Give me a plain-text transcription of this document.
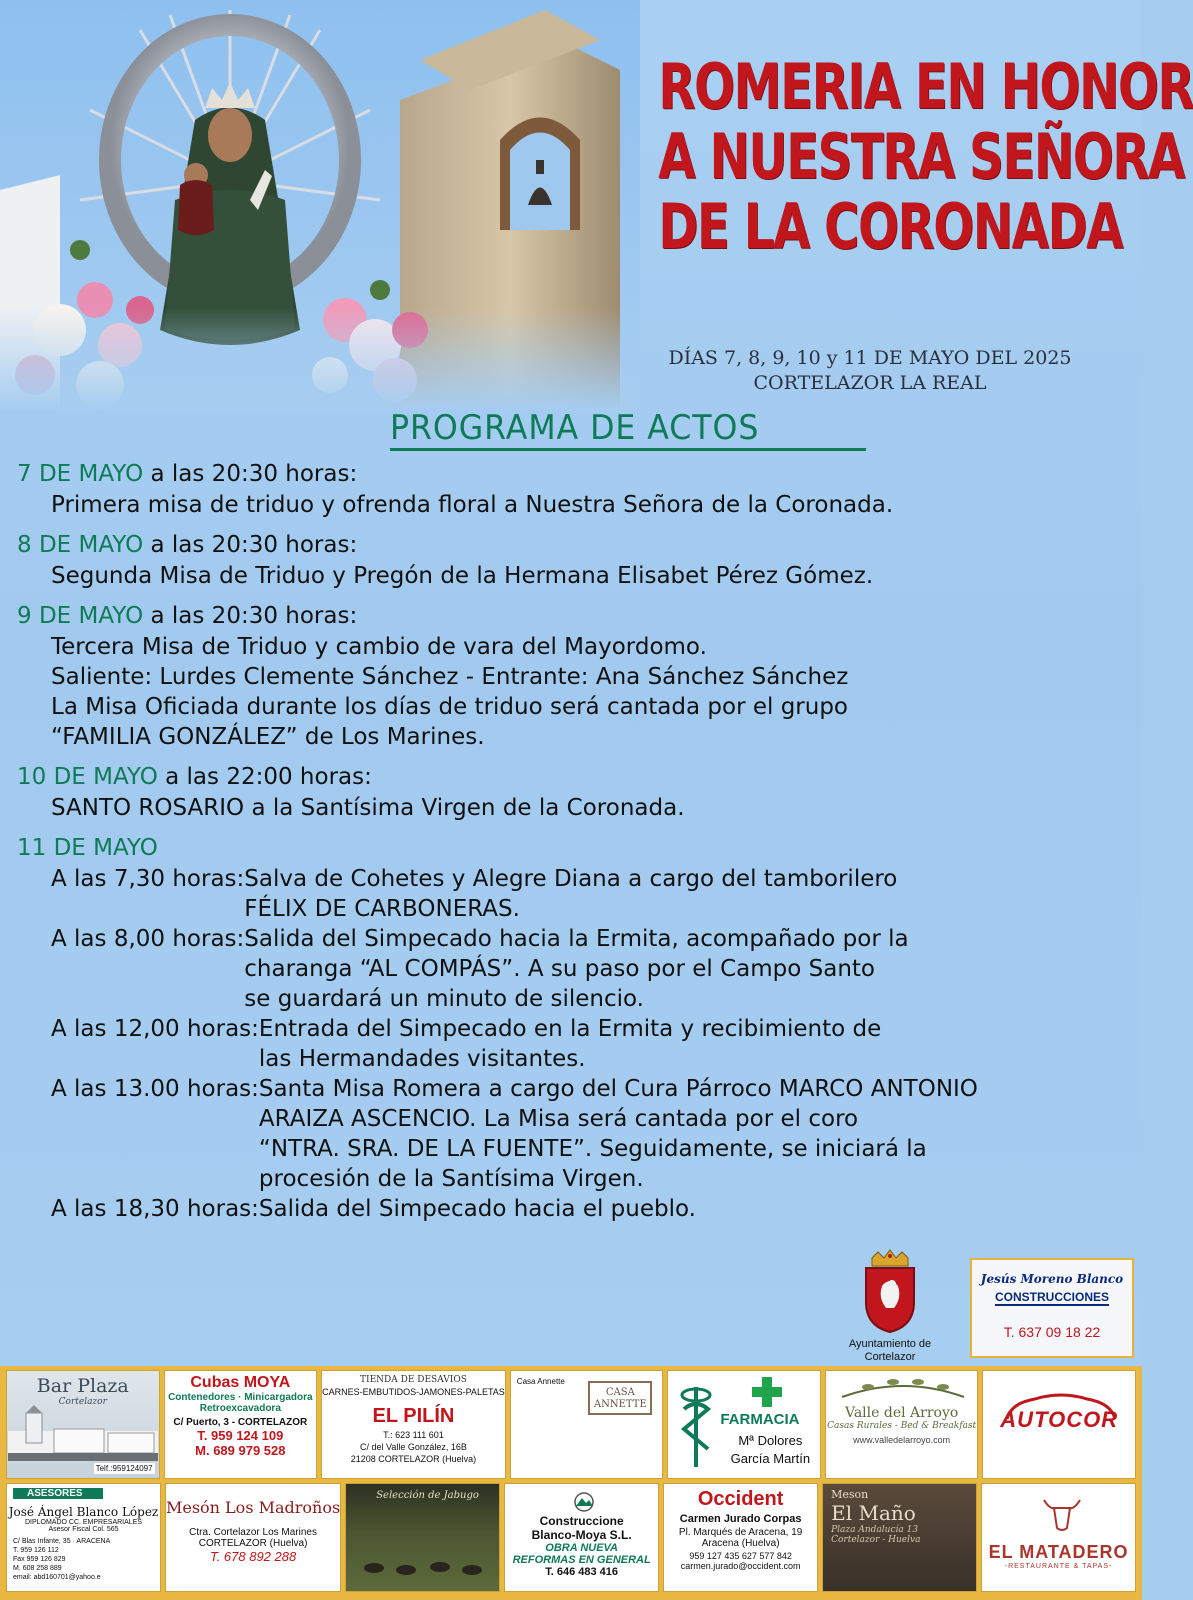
ROMERIA EN HONOR
A NUESTRA SEÑORA
DE LA CORONADA
DÍAS 7, 8, 9, 10 y 11 DE MAYO DEL 2025
CORTELAZOR LA REAL
PROGRAMA DE ACTOS
7 DE MAYO a las 20:30 horas:
Primera misa de triduo y ofrenda floral a Nuestra Señora de la Coronada.
8 DE MAYO a las 20:30 horas:
Segunda Misa de Triduo y Pregón de la Hermana Elisabet Pérez Gómez.
9 DE MAYO a las 20:30 horas:
Tercera Misa de Triduo y cambio de vara del Mayordomo.
Saliente: Lurdes Clemente Sánchez - Entrante: Ana Sánchez Sánchez
La Misa Oficiada durante los días de triduo será cantada por el grupo
“FAMILIA GONZÁLEZ” de Los Marines.
10 DE MAYO a las 22:00 horas:
SANTO ROSARIO a la Santísima Virgen de la Coronada.
11 DE MAYO
A las 7,30 horas: Salva de Cohetes y Alegre Diana a cargo del tamborilero
FÉLIX DE CARBONERAS.
A las 8,00 horas: Salida del Simpecado hacia la Ermita, acompañado por la
charanga “AL COMPÁS”. A su paso por el Campo Santo
se guardará un minuto de silencio.
A las 12,00 horas: Entrada del Simpecado en la Ermita y recibimiento de
las Hermandades visitantes.
A las 13.00 horas: Santa Misa Romera a cargo del Cura Párroco MARCO ANTONIO
ARAIZA ASCENCIO. La Misa será cantada por el coro
“NTRA. SRA. DE LA FUENTE”. Seguidamente, se iniciará la
procesión de la Santísima Virgen.
A las 18,30 horas: Salida del Simpecado hacia el pueblo.
Ayuntamiento de
Cortelazor
Jesús Moreno Blanco
CONSTRUCCIONES
T. 637 09 18 22
Bar Plaza
Cortelazor
Telf.:959124097
Cubas MOYA
Contenedores · Minicargadora
Retroexcavadora
C/ Puerto, 3 - CORTELAZOR
T. 959 124 109
M. 689 979 528
TIENDA DE DESAVIOS
CARNES-EMBUTIDOS-JAMONES-PALETAS
EL PILÍN
T.: 623 111 601
C/ del Valle González, 16B
21208 CORTELAZOR (Huelva)
Casa Annette
CASA
ANNETTE
FARMACIA
Mª Dolores
García Martín
Valle del Arroyo
Casas Rurales - Bed & Breakfast
www.valledelarroyo.com
AUTOCOR
ASESORES
José Ángel Blanco López
DIPLOMADO CC. EMPRESARIALES
Asesor Fiscal Col. 565
C/ Blas Infante, 35 · ARACENA
T. 959 126 112
Fax 959 126 829
M. 608 258 889
email: abd160701@yahoo.e
Mesón Los Madroños
Ctra. Cortelazor Los Marines
CORTELAZOR (Huelva)
T. 678 892 288
Selección de Jabugo
Construccione
Blanco-Moya S.L.
OBRA NUEVA
REFORMAS EN GENERAL
T. 646 483 416
Occident
Carmen Jurado Corpas
Pl. Marqués de Aracena, 19
Aracena (Huelva)
959 127 435 627 577 842
carmen.jurado@occident.com
Meson
El Maño
Plaza Andalucía 13
Cortelazor - Huelva
EL MATADERO
-RESTAURANTE & TAPAS-
